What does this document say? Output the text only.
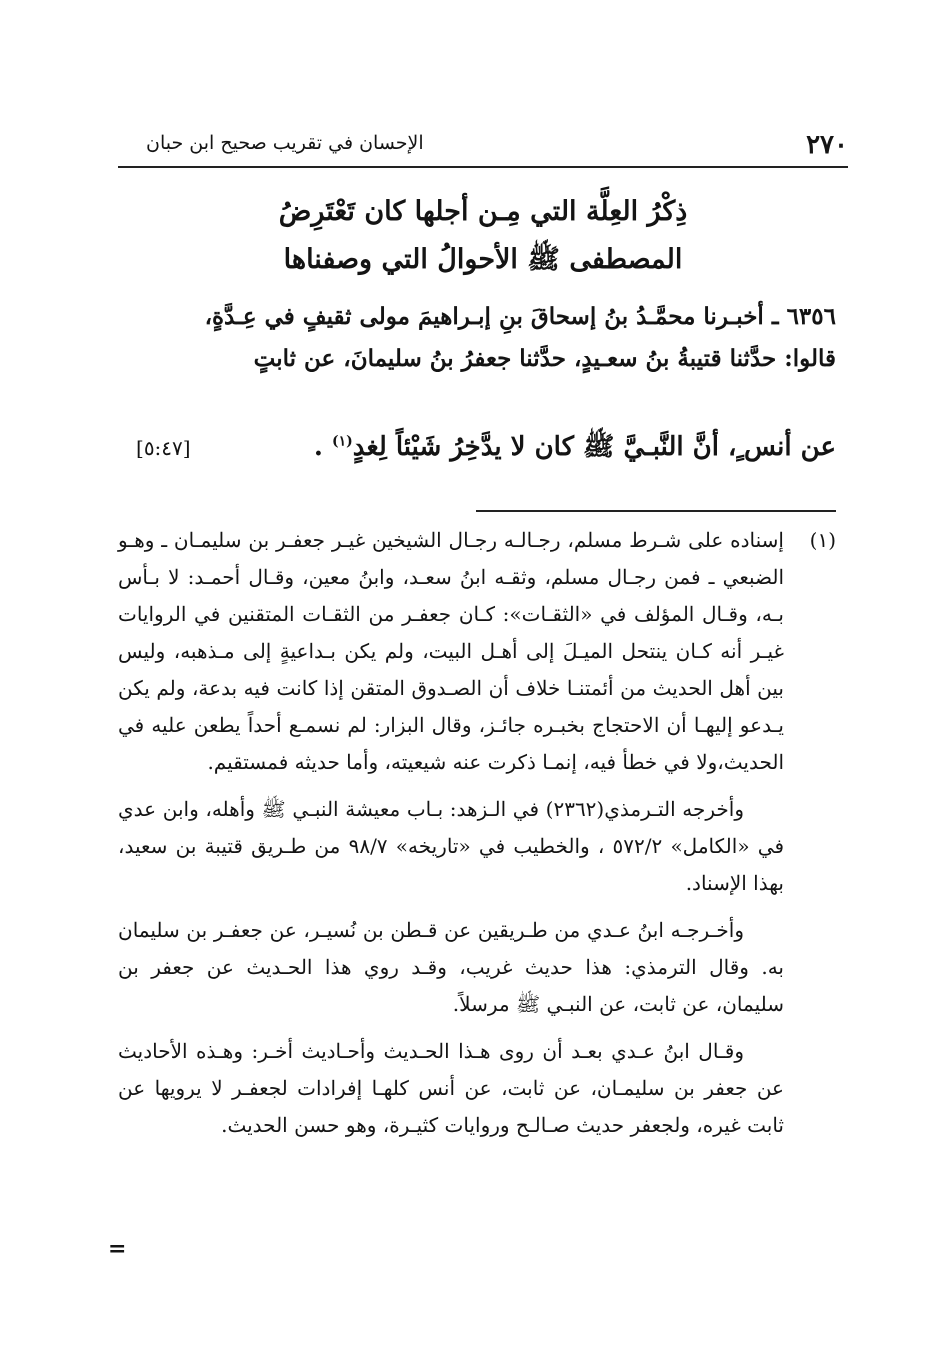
٢٧٠
الإحسان في تقريب صحيح ابن حبان
ذِكْرُ العِلَّة التي مِـن أجلها كان تَعْتَرِضُ
المصطفى ﷺ الأحوالُ التي وصفناها
٦٣٥٦ ـ أخبـرنا محمَّـدُ بنُ إسحاقَ بنِ إبـراهيمَ مولى ثقيفٍ في عِـدَّةٍ،
قالوا: حدَّثنا قتيبةُ بنُ سعـيدٍ، حدَّثنا جعفرُ بنُ سليمانَ، عن ثابتٍ
عن أنس ٍ، أنَّ النَّبـيَّ ﷺ كان لا يدَّخِرُ شَيْئاً لِغدٍ$^{(١)}$ .
[٥:٤٧]

(١)
إسناده على شـرط مسلم، رجـالـه رجـال الشيخين غيـر جعفـر بن سليمـان ـ وهـو الضبعي ـ فمن رجـال مسلم، وثقـه ابنُ سعـد، وابنُ معين، وقـال أحمـد: لا بـأس بـه، وقـال المؤلف في «الثقـات»: كـان جعفـر من الثقـات المتقنين في الروايات غيـر أنه كـان ينتحل الميـلَ إلى أهـل البيت، ولم يكن بـداعيةٍ إلى مـذهبه، وليس بين أهل الحديث من أئمتنـا خلاف أن الصـدوق المتقن إذا كانت فيه بدعة، ولم يكن يـدعو إليهـا أن الاحتجاج بخبـره جائـز، وقال البزار: لم نسمـع أحداً يطعن عليه في الحديث،ولا في خطأ فيه، إنمـا ذكرت عنه شيعيته، وأما حديثه فمستقيم.

وأخرجه التـرمذي(٢٣٦٢) في الـزهد: بـاب معيشة النبـي ﷺ وأهله، وابن عدي في «الكامل» ٥٧٢/٢ ، والخطيب في «تاريخه» ٩٨/٧ من طـريق قتيبة بن سعيد، بهذا الإسناد.

وأخـرجـه ابنُ عـدي من طـريقين عن قـطن بن نُسيـر، عن جعفـر بن سليمان به. وقال الترمذي: هذا حديث غريب، وقـد روي هذا الحـديث عن جعفر بن سليمان، عن ثابت، عن النبـي ﷺ مرسلاً.

وقـال ابنُ عـدي بعـد أن روى هـذا الحـديث وأحـاديث أخـر: وهـذه الأحاديث عن جعفر بن سليمـان، عن ثابت، عن أنس كلهـا إفرادات لجعفـر لا يرويها عن ثابت غيره، ولجعفر حديث صـالـح وروايات كثيـرة، وهو حسن الحديث.

=
